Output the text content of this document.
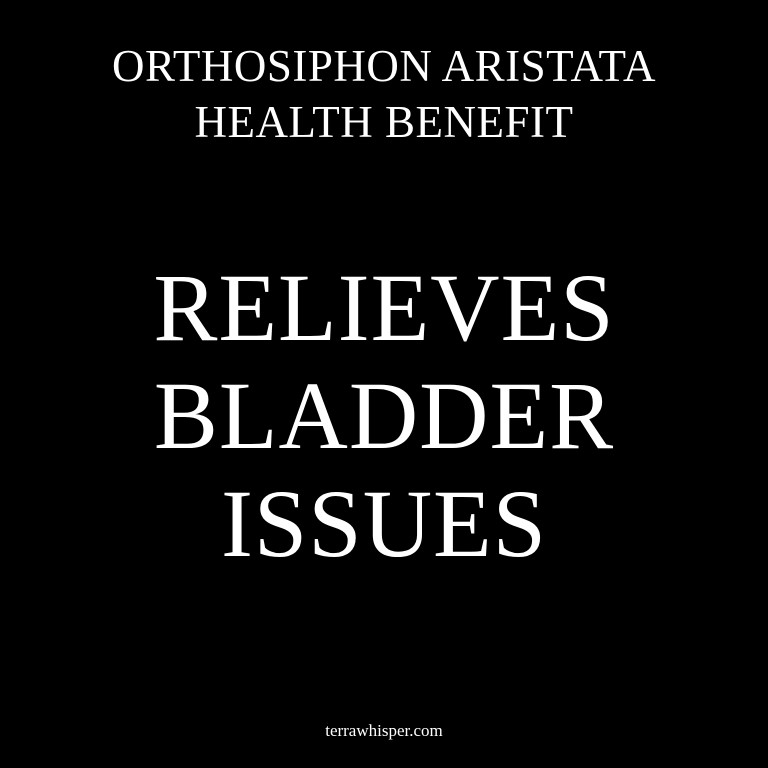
ORTHOSIPHON ARISTATA
HEALTH BENEFIT
RELIEVES
BLADDER
ISSUES
terrawhisper.com
